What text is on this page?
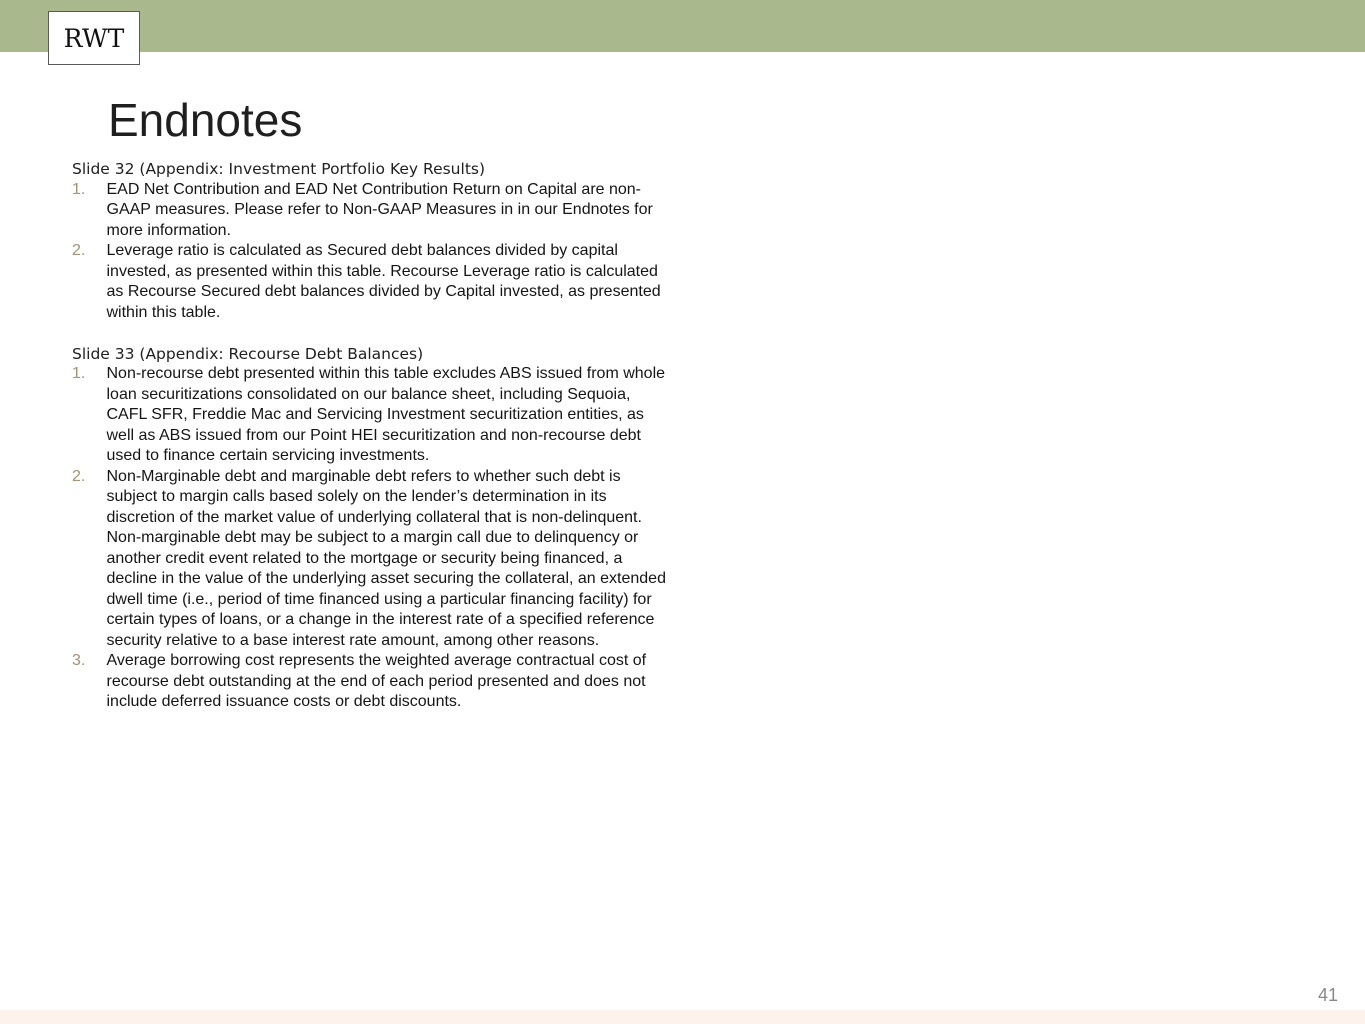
RWT
Endnotes

Slide 32 (Appendix: Investment Portfolio Key Results)

1. EAD Net Contribution and EAD Net Contribution Return on Capital are non-GAAP measures. Please refer to Non-GAAP Measures in in our Endnotes for more information.
2. Leverage ratio is calculated as Secured debt balances divided by capital invested, as presented within this table. Recourse Leverage ratio is calculated as Recourse Secured debt balances divided by Capital invested, as presented within this table.

Slide 33 (Appendix: Recourse Debt Balances)

1. Non-recourse debt presented within this table excludes ABS issued from whole loan securitizations consolidated on our balance sheet, including Sequoia, CAFL SFR, Freddie Mac and Servicing Investment securitization entities, as well as ABS issued from our Point HEI securitization and non-recourse debt used to finance certain servicing investments.
2. Non-Marginable debt and marginable debt refers to whether such debt is subject to margin calls based solely on the lender’s determination in its discretion of the market value of underlying collateral that is non-delinquent. Non-marginable debt may be subject to a margin call due to delinquency or another credit event related to the mortgage or security being financed, a decline in the value of the underlying asset securing the collateral, an extended dwell time (i.e., period of time financed using a particular financing facility) for certain types of loans, or a change in the interest rate of a specified reference security relative to a base interest rate amount, among other reasons.
3. Average borrowing cost represents the weighted average contractual cost of recourse debt outstanding at the end of each period presented and does not include deferred issuance costs or debt discounts.
41
